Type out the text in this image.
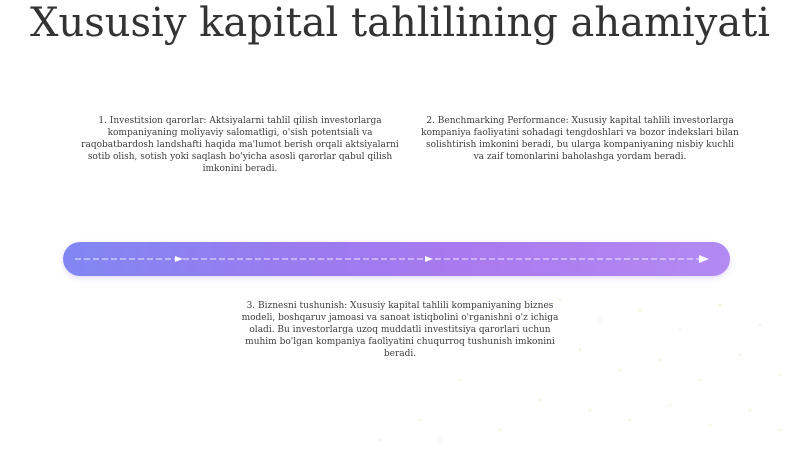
Xususiy kapital tahlilining ahamiyati
1. Investitsion qarorlar: Aktsiyalarni tahlil qilish investorlarga kompaniyaning moliyaviy salomatligi, o'sish potentsiali va raqobatbardosh landshafti haqida ma'lumot berish orqali aktsiyalarni sotib olish, sotish yoki saqlash bo'yicha asosli qarorlar qabul qilish imkonini beradi.
2. Benchmarking Performance: Xususiy kapital tahlili investorlarga kompaniya faoliyatini sohadagi tengdoshlari va bozor indekslari bilan solishtirish imkonini beradi, bu ularga kompaniyaning nisbiy kuchli va zaif tomonlarini baholashga yordam beradi.
3. Biznesni tushunish: Xususiy kapital tahlili kompaniyaning biznes modeli, boshqaruv jamoasi va sanoat istiqbolini o'rganishni o'z ichiga oladi. Bu investorlarga uzoq muddatli investitsiya qarorlari uchun muhim bo'lgan kompaniya faoliyatini chuqurroq tushunish imkonini beradi.
